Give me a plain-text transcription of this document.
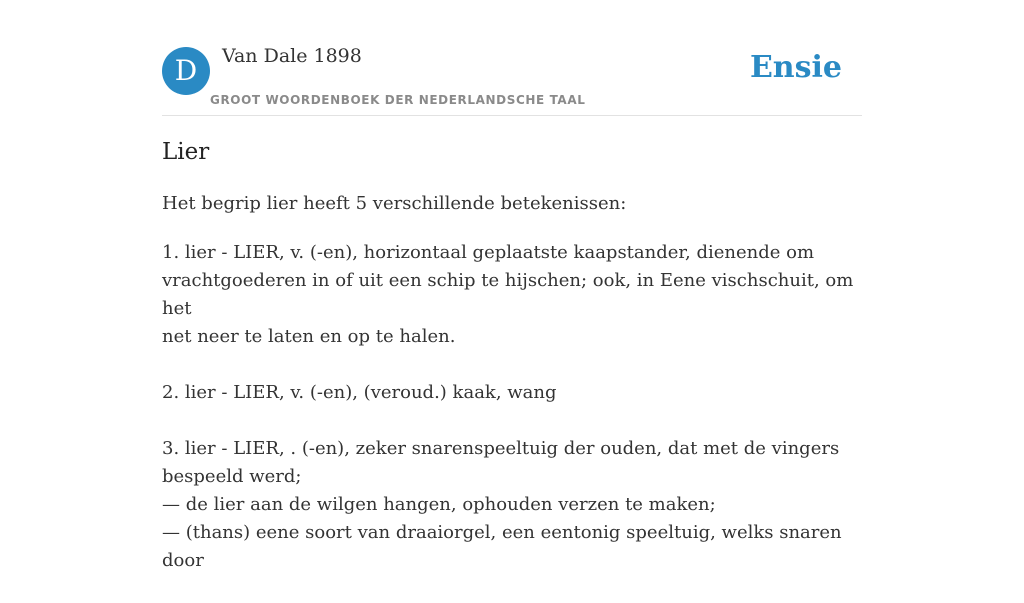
D	Van Dale 1898
GROOT WOORDENBOEK DER NEDERLANDSCHE TAAL
Ensie
Lier

Het begrip lier heeft 5 verschillende betekenissen:

1. lier - LIER, v. (-en), horizontaal geplaatste kaapstander, dienende om
vrachtgoederen in of uit een schip te hijschen; ook, in Eene vischschuit, om het
net neer te laten en op te halen.
2. lier - LIER, v. (-en), (veroud.) kaak, wang
3. lier - LIER, . (-en), zeker snarenspeeltuig der ouden, dat met de vingers
bespeeld werd;
— de lier aan de wilgen hangen, ophouden verzen te maken;
— (thans) eene soort van draaiorgel, een eentonig speeltuig, welks snaren door
